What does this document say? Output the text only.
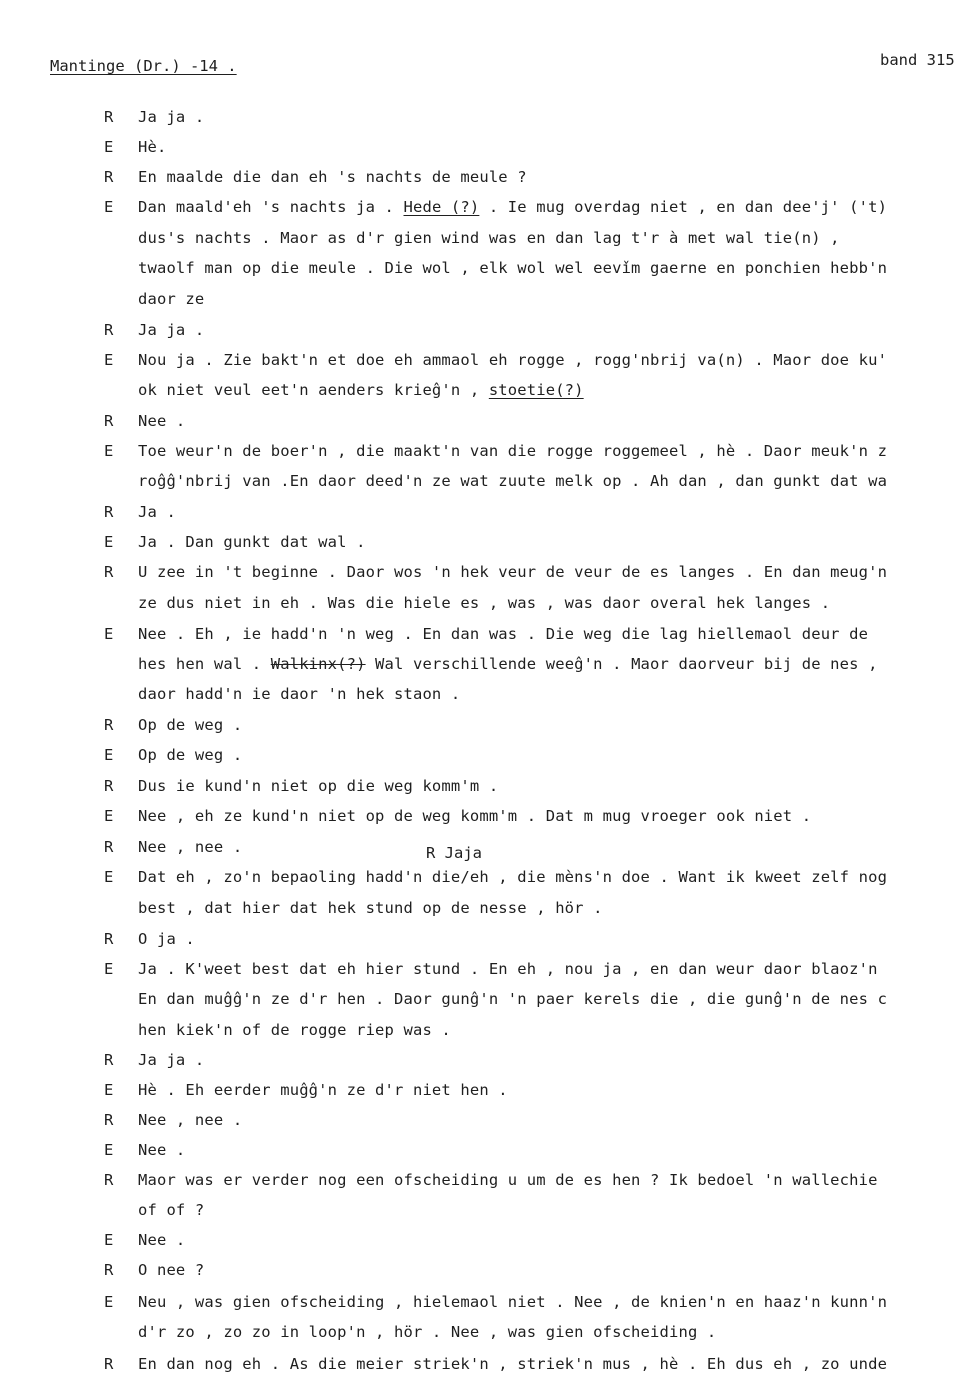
Mantinge (Dr.) -14 .	band 315
R Ja ja .
E Hè.
R En maalde die dan eh 's nachts de meule ?
E Dan maald'eh 's nachts ja . Hede (?) . Ie mug overdag niet , en dan dee'j' ('t)
dus's nachts . Maor as d'r gien wind was en dan lag t'r à met wal tie(n) ,
twaolf man op die meule . Die wol , elk wol wel eevǐm gaerne en ponchien hebb'n
daor ze
R Ja ja .
E Nou ja . Zie bakt'n et doe eh ammaol eh rogge , rogg'nbrij va(n) . Maor doe ku'
ok niet veul eet'n aenders krieĝ'n , stoetie(?)
R Nee .
E Toe weur'n de boer'n , die maakt'n van die rogge roggemeel , hè . Daor meuk'n z
roĝĝ'nbrij van .En daor deed'n ze wat zuute melk op . Ah dan , dan gunkt dat wa
R Ja .
E Ja . Dan gunkt dat wal .
R U zee in 't beginne . Daor wos 'n hek veur de veur de es langes . En dan meug'n
ze dus niet in eh . Was die hiele es , was , was daor overal hek langes .
E Nee . Eh , ie hadd'n 'n weg . En dan was . Die weg die lag hiellemaol deur de
hes hen wal . Walkinx(?) Wal verschillende weeĝ'n . Maor daorveur bij de nes ,
daor hadd'n ie daor 'n hek staon .
R Op de weg .
E Op de weg .
R Dus ie kund'n niet op die weg komm'm .
E Nee , eh ze kund'n niet op de weg komm'm . Dat m mug vroeger ook niet .
R Nee , nee .
E Dat eh , zo'n bepaoling hadd'n die/eh , die mèns'n doe . Want ik kweet zelf nog
best , dat hier dat hek stund op de nesse , hör .
R O ja .
E Ja . K'weet best dat eh hier stund . En eh , nou ja , en dan weur daor blaoz'n
En dan muĝĝ'n ze d'r hen . Daor gunĝ'n 'n paer kerels die , die gunĝ'n de nes c
hen kiek'n of de rogge riep was .
R Ja ja .
E Hè . Eh eerder muĝĝ'n ze d'r niet hen .
R Nee , nee .
E Nee .
R Maor was er verder nog een ofscheiding u um de es hen ? Ik bedoel 'n wallechie
of of ?
E Nee .
R O nee ?
E Neu , was gien ofscheiding , hielemaol niet . Nee , de knien'n en haaz'n kunn'n
d'r zo , zo zo in loop'n , hör . Nee , was gien ofscheiding .
R En dan nog eh . As die meier striek'n , striek'n mus , hè . Eh dus eh , zo unde
R Jaja
